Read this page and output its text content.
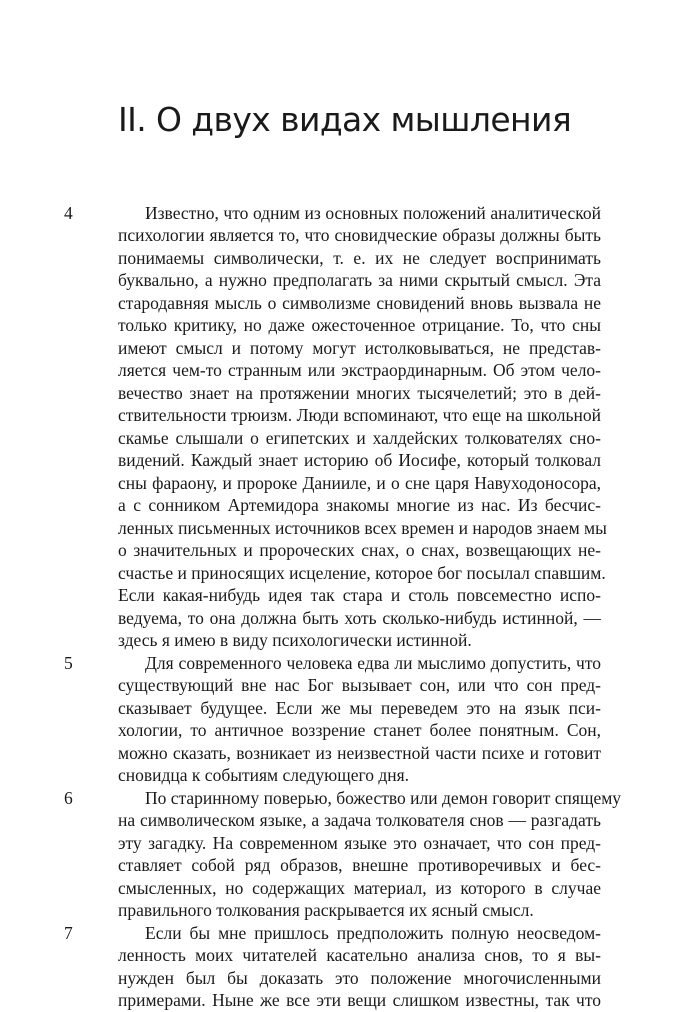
II. О двух видах мышления
4	Известно, что одним из основных положений аналитической
психологии является то, что сновидческие образы должны быть
понимаемы символически, т. е. их не следует воспринимать
буквально, а нужно предполагать за ними скрытый смысл. Эта
стародавняя мысль о символизме сновидений вновь вызвала не
только критику, но даже ожесточенное отрицание. То, что сны
имеют смысл и потому могут истолковываться, не представ-
ляется чем-то странным или экстраординарным. Об этом чело-
вечество знает на протяжении многих тысячелетий; это в дей-
ствительности трюизм. Люди вспоминают, что еще на школьной
скамье слышали о египетских и халдейских толкователях сно-
видений. Каждый знает историю об Иосифе, который толковал
сны фараону, и пророке Данииле, и о сне царя Навуходоносора,
а с сонником Артемидора знакомы многие из нас. Из бесчис-
ленных письменных источников всех времен и народов знаем мы
о значительных и пророческих снах, о снах, возвещающих не-
счастье и приносящих исцеление, которое бог посылал спавшим.
Если какая-нибудь идея так стара и столь повсеместно испо-
ведуема, то она должна быть хоть сколько-нибудь истинной, —
здесь я имею в виду психологически истинной.
5	Для современного человека едва ли мыслимо допустить, что
существующий вне нас Бог вызывает сон, или что сон пред-
сказывает будущее. Если же мы переведем это на язык пси-
хологии, то античное воззрение станет более понятным. Сон,
можно сказать, возникает из неизвестной части психе и готовит
сновидца к событиям следующего дня.
6	По старинному поверью, божество или демон говорит спящему
на символическом языке, а задача толкователя снов — разгадать
эту загадку. На современном языке это означает, что сон пред-
ставляет собой ряд образов, внешне противоречивых и бес-
смысленных, но содержащих материал, из которого в случае
правильного толкования раскрывается их ясный смысл.
7	Если бы мне пришлось предположить полную неосведом-
ленность моих читателей касательно анализа снов, то я вы-
нужден был бы доказать это положение многочисленными
примерами. Ныне же все эти вещи слишком известны, так что
